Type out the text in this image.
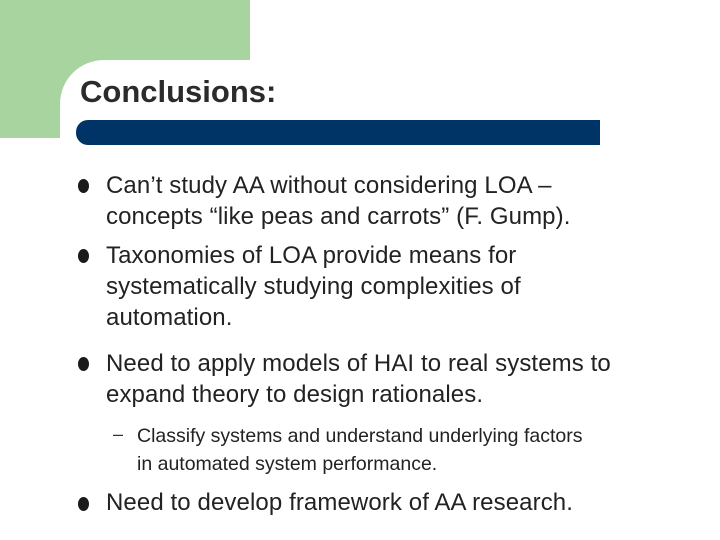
Conclusions:
Can’t study AA without considering LOA –
concepts “like peas and carrots” (F. Gump).
Taxonomies of LOA provide means for
systematically studying complexities of
automation.
Need to apply models of HAI to real systems to
expand theory to design rationales.
– Classify systems and understand underlying factors
in automated system performance.
Need to develop framework of AA research.
